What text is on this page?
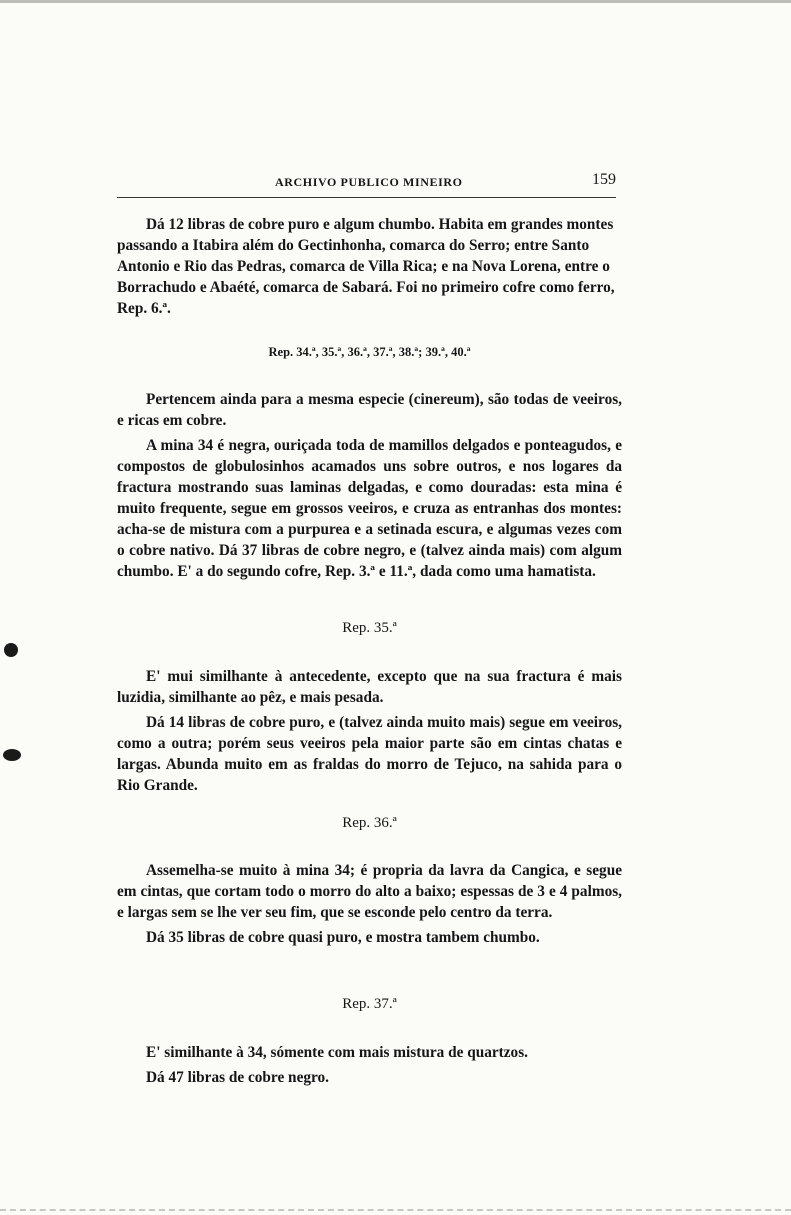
ARCHIVO PUBLICO MINEIRO	159

Dá 12 libras de cobre puro e algum chumbo. Habita em grandes montes passando a Itabira além do Gectinhonha, comarca do Serro; entre Santo Antonio e Rio das Pedras, comarca de Villa Rica; e na Nova Lorena, entre o Borrachudo e Abaété, comarca de Sabará. Foi no primeiro cofre como ferro, Rep. 6.ª.

Rep. 34.ª, 35.ª, 36.ª, 37.ª, 38.ª; 39.ª, 40.ª

Pertencem ainda para a mesma especie (cinereum), são todas de veeiros, e ricas em cobre.

A mina 34 é negra, ouriçada toda de mamillos delgados e ponteagudos, e compostos de globulosinhos acamados uns sobre outros, e nos logares da fractura mostrando suas laminas delgadas, e como douradas: esta mina é muito frequente, segue em grossos veeiros, e cruza as entranhas dos montes: acha-se de mistura com a purpurea e a setinada escura, e algumas vezes com o cobre nativo. Dá 37 libras de cobre negro, e (talvez ainda mais) com algum chumbo. E' a do segundo cofre, Rep. 3.ª e 11.ª, dada como uma hamatista.

Rep. 35.ª

E' mui similhante à antecedente, excepto que na sua fractura é mais luzidia, similhante ao pêz, e mais pesada.

Dá 14 libras de cobre puro, e (talvez ainda muito mais) segue em veeiros, como a outra; porém seus veeiros pela maior parte são em cintas chatas e largas. Abunda muito em as fraldas do morro de Tejuco, na sahida para o Rio Grande.

Rep. 36.ª

Assemelha-se muito à mina 34; é propria da lavra da Cangica, e segue em cintas, que cortam todo o morro do alto a baixo; espessas de 3 e 4 palmos, e largas sem se lhe ver seu fim, que se esconde pelo centro da terra.

Dá 35 libras de cobre quasi puro, e mostra tambem chumbo.

Rep. 37.ª

E' similhante à 34, sómente com mais mistura de quartzos.

Dá 47 libras de cobre negro.
